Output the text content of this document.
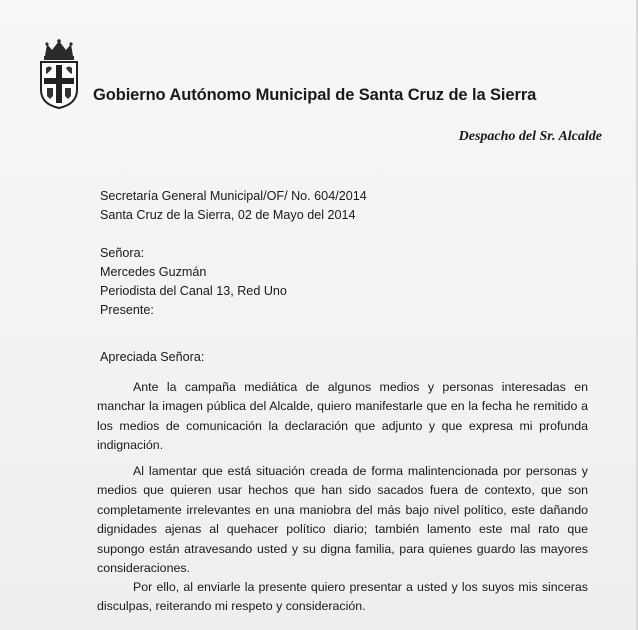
Gobierno Autónomo Municipal de Santa Cruz de la Sierra
Despacho del Sr. Alcalde
Secretaría General Municipal/OF/ No. 604/2014
Santa Cruz de la Sierra, 02 de Mayo del 2014
Señora:
Mercedes Guzmán
Periodista del Canal 13, Red Uno
Presente:
Apreciada Señora:
Ante la campaña mediática de algunos medios y personas interesadas en manchar la imagen pública del Alcalde, quiero manifestarle que en la fecha he remitido a los medios de comunicación la declaración que adjunto y que expresa mi profunda indignación.
Al lamentar que está situación creada de forma malintencionada por personas y medios que quieren usar hechos que han sido sacados fuera de contexto, que son completamente irrelevantes en una maniobra del más bajo nivel político, este dañando dignidades ajenas al quehacer político diario; también lamento este mal rato que supongo están atravesando usted y su digna familia, para quienes guardo las mayores consideraciones.
Por ello, al enviarle la presente quiero presentar a usted y los suyos mis sinceras disculpas, reiterando mi respeto y consideración.
